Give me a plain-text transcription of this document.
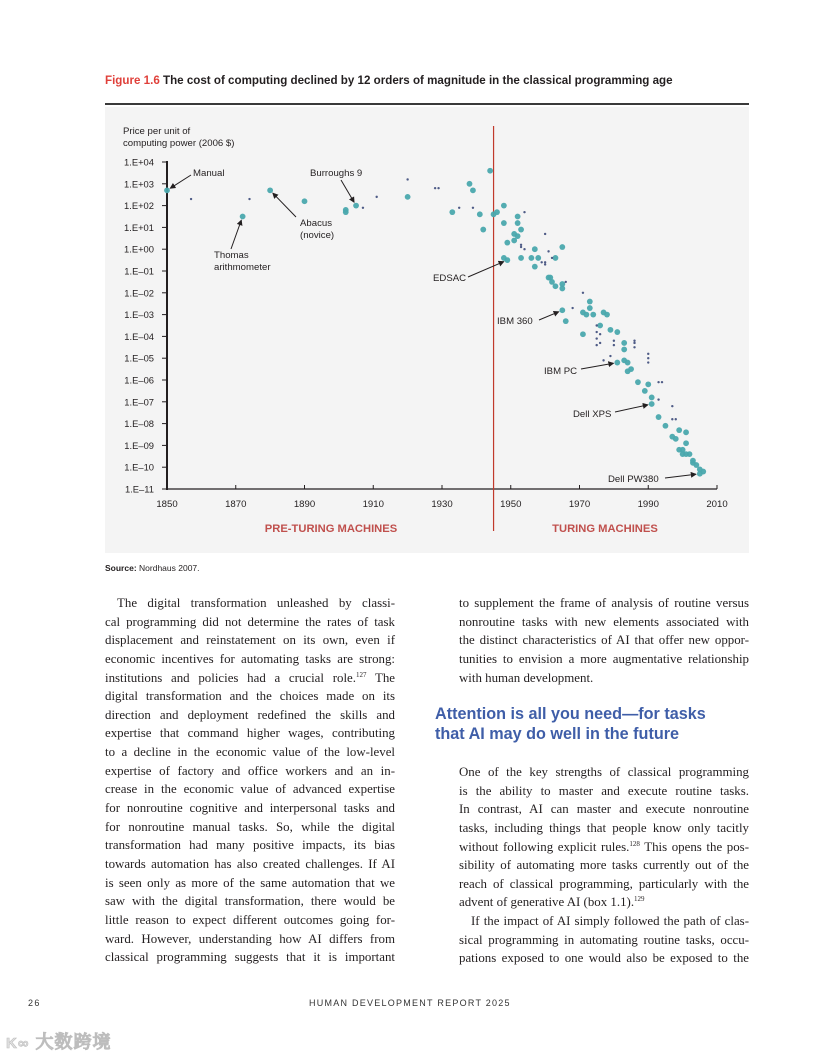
Figure 1.6 The cost of computing declined by 12 orders of magnitude in the classical programming age
Price per unit of
computing power (2006 $)
1.E+04
1.E+03
1.E+02
1.E+01
1.E+00
1.E–01
1.E–02
1.E–03
1.E–04
1.E–05
1.E–06
1.E–07
1.E–08
1.E–09
1.E–10
1.E–11
1850	1870	1890	1910	1930	1950	1970	1990	2010
PRE-TURING MACHINES	TURING MACHINES
Manual	Burroughs 9
Abacus
(novice)
Thomas
arithmometer
EDSAC
IBM 360
IBM PC
Dell XPS
Dell PW380
Source: Nordhaus 2007.
The digital transformation unleashed by classi-
cal programming did not determine the rates of task
displacement and reinstatement on its own, even if
economic incentives for automating tasks are strong:
institutions and policies had a crucial role.$^{127}$ The
digital transformation and the choices made on its
direction and deployment redefined the skills and
expertise that command higher wages, contributing
to a decline in the economic value of the low-level
expertise of factory and office workers and an in-
crease in the economic value of advanced expertise
for nonroutine cognitive and interpersonal tasks and
for nonroutine manual tasks. So, while the digital
transformation had many positive impacts, its bias
towards automation has also created challenges. If AI
is seen only as more of the same automation that we
saw with the digital transformation, there would be
little reason to expect different outcomes going for-
ward. However, understanding how AI differs from
classical programming suggests that it is important
to supplement the frame of analysis of routine versus
nonroutine tasks with new elements associated with
the distinct characteristics of AI that offer new oppor-
tunities to envision a more augmentative relationship
with human development.
Attention is all you need—for tasks
that AI may do well in the future
One of the key strengths of classical programming
is the ability to master and execute routine tasks.
In contrast, AI can master and execute nonroutine
tasks, including things that people know only tacitly
without following explicit rules.$^{128}$ This opens the pos-
sibility of automating more tasks currently out of the
reach of classical programming, particularly with the
advent of generative AI (box 1.1).$^{129}$
If the impact of AI simply followed the path of clas-
sical programming in automating routine tasks, occu-
pations exposed to one would also be exposed to the
26	HUMAN DEVELOPMENT REPORT 2025
K∞ 大数跨境
